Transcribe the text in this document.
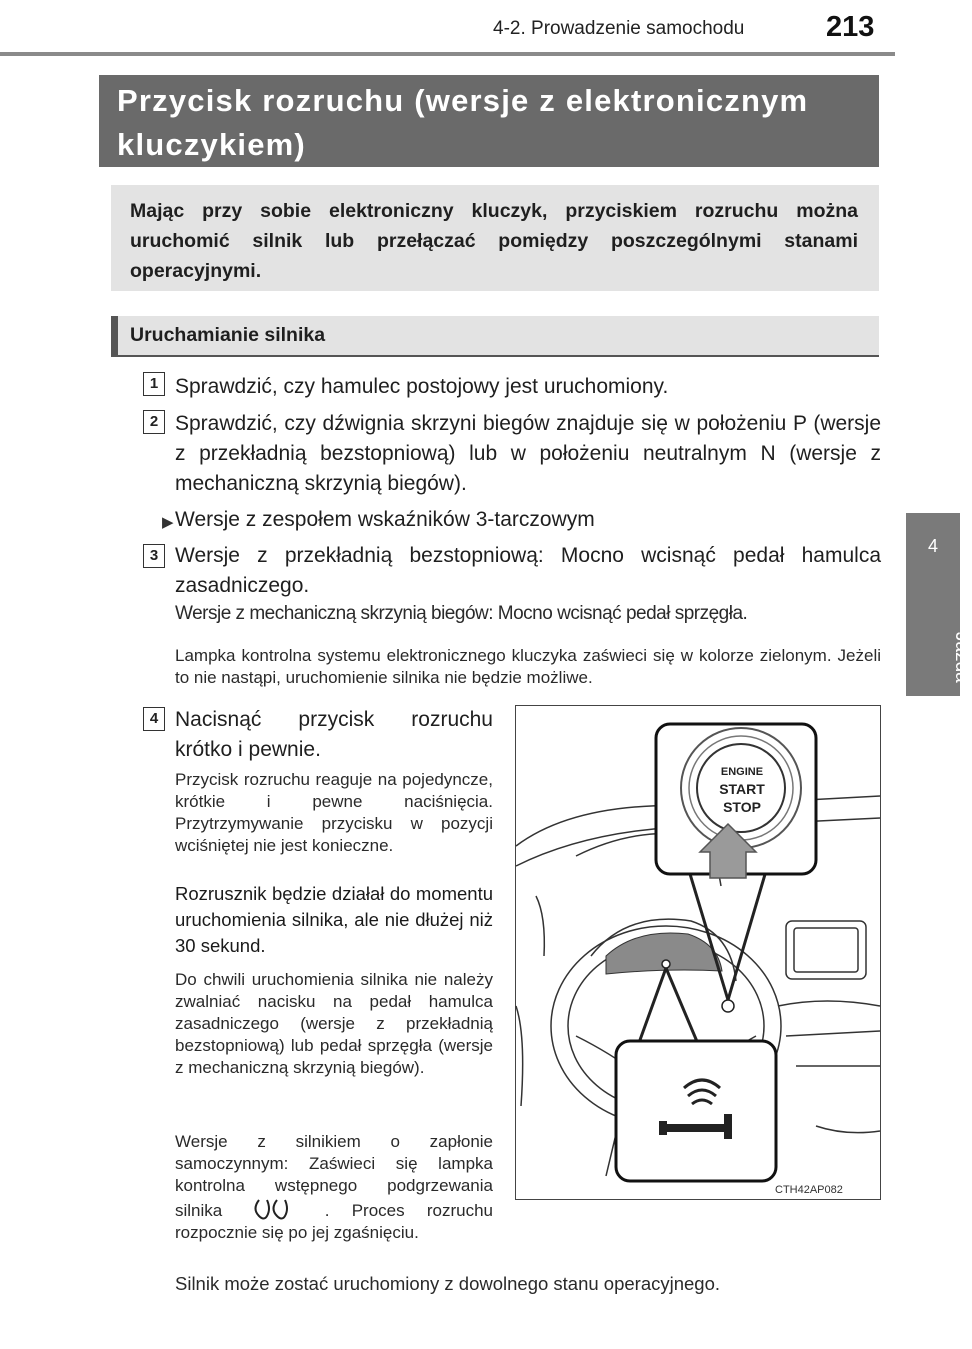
4-2. Prowadzenie samochodu	213
4
Jazda
Przycisk rozruchu (wersje z elektronicznym kluczykiem)
Mając przy sobie elektroniczny kluczyk, przyciskiem rozruchu można uruchomić silnik lub przełączać pomiędzy poszczególnymi stanami operacyjnymi.
Uruchamianie silnika
1 Sprawdzić, czy hamulec postojowy jest uruchomiony.
2 Sprawdzić, czy dźwignia skrzyni biegów znajduje się w położeniu P (wersje z przekładnią bezstopniową) lub w położeniu neutralnym N (wersje z mechaniczną skrzynią biegów).
▶ Wersje z zespołem wskaźników 3-tarczowym
3 Wersje z przekładnią bezstopniową: Mocno wcisnąć pedał hamulca zasadniczego.
Wersje z mechaniczną skrzynią biegów: Mocno wcisnąć pedał sprzęgła.
Lampka kontrolna systemu elektronicznego kluczyka zaświeci się w kolorze zielonym. Jeżeli to nie nastąpi, uruchomienie silnika nie będzie możliwe.
4 Nacisnąć przycisk rozruchu krótko i pewnie.
Przycisk rozruchu reaguje na pojedyncze, krótkie i pewne naciśnięcia. Przytrzymywanie przycisku w pozycji wciśniętej nie jest konieczne.
Rozrusznik będzie działał do momentu uruchomienia silnika, ale nie dłużej niż 30 sekund.
Do chwili uruchomienia silnika nie należy zwalniać nacisku na pedał hamulca zasadniczego (wersje z przekładnią bezstopniową) lub pedał sprzęgła (wersje z mechaniczną skrzynią biegów).
Wersje z silnikiem o zapłonie samoczynnym: Zaświeci się lampka kontrolna wstępnego podgrzewania silnika	. Proces rozruchu rozpocznie się po jej zgaśnięciu.
Silnik może zostać uruchomiony z dowolnego stanu operacyjnego.
ENGINE
START
STOP
CTH42AP082
